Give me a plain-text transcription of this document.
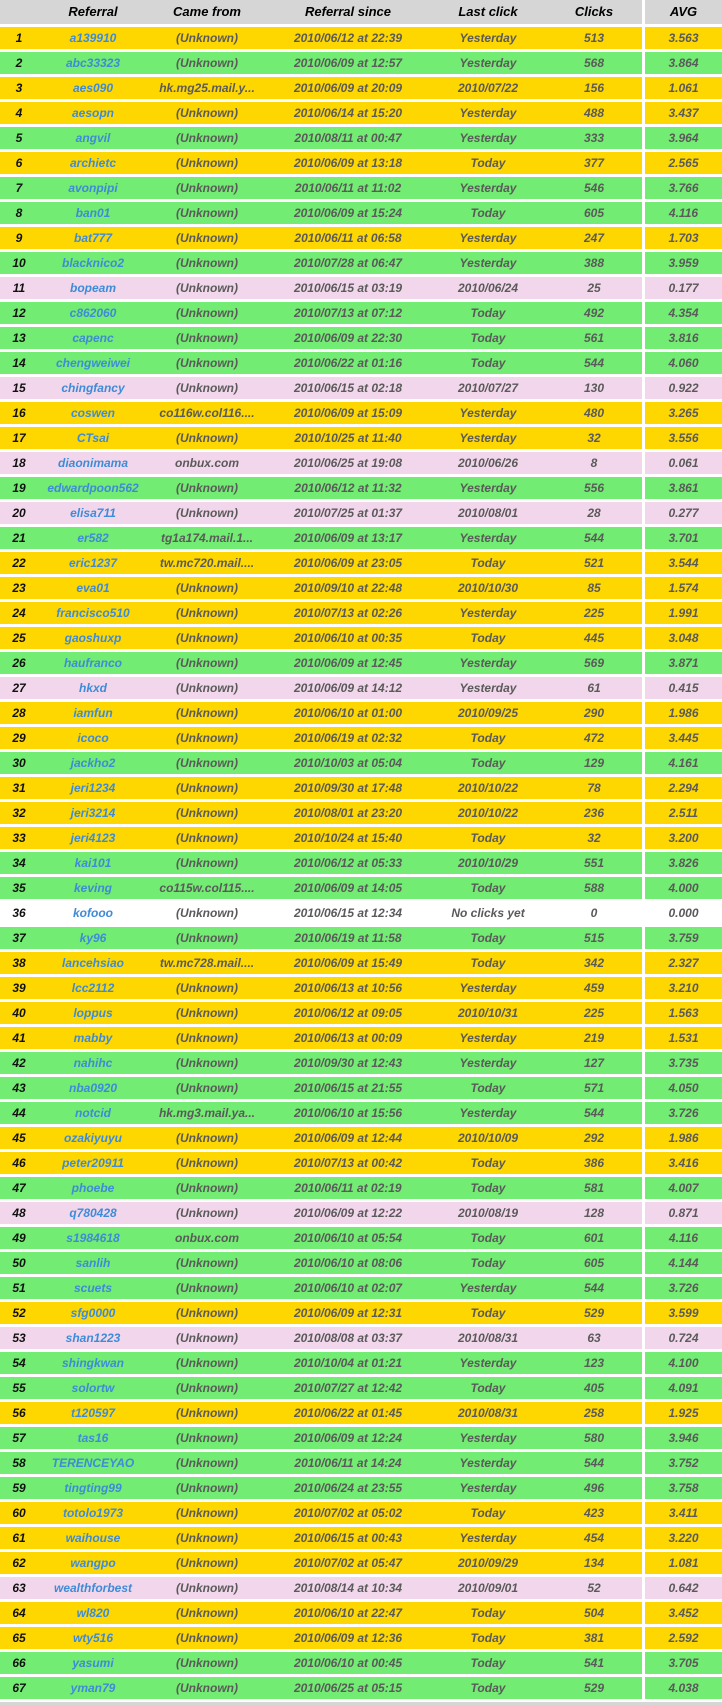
	Referral	Came from	Referral since	Last click	Clicks	AVG
1	a139910	(Unknown)	2010/06/12 at 22:39	Yesterday	513	3.563
2	abc33323	(Unknown)	2010/06/09 at 12:57	Yesterday	568	3.864
3	aes090	hk.mg25.mail.y...	2010/06/09 at 20:09	2010/07/22	156	1.061
4	aesopn	(Unknown)	2010/06/14 at 15:20	Yesterday	488	3.437
5	angvil	(Unknown)	2010/08/11 at 00:47	Yesterday	333	3.964
6	archietc	(Unknown)	2010/06/09 at 13:18	Today	377	2.565
7	avonpipi	(Unknown)	2010/06/11 at 11:02	Yesterday	546	3.766
8	ban01	(Unknown)	2010/06/09 at 15:24	Today	605	4.116
9	bat777	(Unknown)	2010/06/11 at 06:58	Yesterday	247	1.703
10	blacknico2	(Unknown)	2010/07/28 at 06:47	Yesterday	388	3.959
11	bopeam	(Unknown)	2010/06/15 at 03:19	2010/06/24	25	0.177
12	c862060	(Unknown)	2010/07/13 at 07:12	Today	492	4.354
13	capenc	(Unknown)	2010/06/09 at 22:30	Today	561	3.816
14	chengweiwei	(Unknown)	2010/06/22 at 01:16	Today	544	4.060
15	chingfancy	(Unknown)	2010/06/15 at 02:18	2010/07/27	130	0.922
16	coswen	co116w.col116....	2010/06/09 at 15:09	Yesterday	480	3.265
17	CTsai	(Unknown)	2010/10/25 at 11:40	Yesterday	32	3.556
18	diaonimama	onbux.com	2010/06/25 at 19:08	2010/06/26	8	0.061
19	edwardpoon562	(Unknown)	2010/06/12 at 11:32	Yesterday	556	3.861
20	elisa711	(Unknown)	2010/07/25 at 01:37	2010/08/01	28	0.277
21	er582	tg1a174.mail.1...	2010/06/09 at 13:17	Yesterday	544	3.701
22	eric1237	tw.mc720.mail....	2010/06/09 at 23:05	Today	521	3.544
23	eva01	(Unknown)	2010/09/10 at 22:48	2010/10/30	85	1.574
24	francisco510	(Unknown)	2010/07/13 at 02:26	Yesterday	225	1.991
25	gaoshuxp	(Unknown)	2010/06/10 at 00:35	Today	445	3.048
26	haufranco	(Unknown)	2010/06/09 at 12:45	Yesterday	569	3.871
27	hkxd	(Unknown)	2010/06/09 at 14:12	Yesterday	61	0.415
28	iamfun	(Unknown)	2010/06/10 at 01:00	2010/09/25	290	1.986
29	icoco	(Unknown)	2010/06/19 at 02:32	Today	472	3.445
30	jackho2	(Unknown)	2010/10/03 at 05:04	Today	129	4.161
31	jeri1234	(Unknown)	2010/09/30 at 17:48	2010/10/22	78	2.294
32	jeri3214	(Unknown)	2010/08/01 at 23:20	2010/10/22	236	2.511
33	jeri4123	(Unknown)	2010/10/24 at 15:40	Today	32	3.200
34	kai101	(Unknown)	2010/06/12 at 05:33	2010/10/29	551	3.826
35	keving	co115w.col115....	2010/06/09 at 14:05	Today	588	4.000
36	kofooo	(Unknown)	2010/06/15 at 12:34	No clicks yet	0	0.000
37	ky96	(Unknown)	2010/06/19 at 11:58	Today	515	3.759
38	lancehsiao	tw.mc728.mail....	2010/06/09 at 15:49	Today	342	2.327
39	lcc2112	(Unknown)	2010/06/13 at 10:56	Yesterday	459	3.210
40	loppus	(Unknown)	2010/06/12 at 09:05	2010/10/31	225	1.563
41	mabby	(Unknown)	2010/06/13 at 00:09	Yesterday	219	1.531
42	nahihc	(Unknown)	2010/09/30 at 12:43	Yesterday	127	3.735
43	nba0920	(Unknown)	2010/06/15 at 21:55	Today	571	4.050
44	notcid	hk.mg3.mail.ya...	2010/06/10 at 15:56	Yesterday	544	3.726
45	ozakiyuyu	(Unknown)	2010/06/09 at 12:44	2010/10/09	292	1.986
46	peter20911	(Unknown)	2010/07/13 at 00:42	Today	386	3.416
47	phoebe	(Unknown)	2010/06/11 at 02:19	Today	581	4.007
48	q780428	(Unknown)	2010/06/09 at 12:22	2010/08/19	128	0.871
49	s1984618	onbux.com	2010/06/10 at 05:54	Today	601	4.116
50	sanlih	(Unknown)	2010/06/10 at 08:06	Today	605	4.144
51	scuets	(Unknown)	2010/06/10 at 02:07	Yesterday	544	3.726
52	sfg0000	(Unknown)	2010/06/09 at 12:31	Today	529	3.599
53	shan1223	(Unknown)	2010/08/08 at 03:37	2010/08/31	63	0.724
54	shingkwan	(Unknown)	2010/10/04 at 01:21	Yesterday	123	4.100
55	solortw	(Unknown)	2010/07/27 at 12:42	Today	405	4.091
56	t120597	(Unknown)	2010/06/22 at 01:45	2010/08/31	258	1.925
57	tas16	(Unknown)	2010/06/09 at 12:24	Yesterday	580	3.946
58	TERENCEYAO	(Unknown)	2010/06/11 at 14:24	Yesterday	544	3.752
59	tingting99	(Unknown)	2010/06/24 at 23:55	Yesterday	496	3.758
60	totolo1973	(Unknown)	2010/07/02 at 05:02	Today	423	3.411
61	waihouse	(Unknown)	2010/06/15 at 00:43	Yesterday	454	3.220
62	wangpo	(Unknown)	2010/07/02 at 05:47	2010/09/29	134	1.081
63	wealthforbest	(Unknown)	2010/08/14 at 10:34	2010/09/01	52	0.642
64	wl820	(Unknown)	2010/06/10 at 22:47	Today	504	3.452
65	wty516	(Unknown)	2010/06/09 at 12:36	Today	381	2.592
66	yasumi	(Unknown)	2010/06/10 at 00:45	Today	541	3.705
67	yman79	(Unknown)	2010/06/25 at 05:15	Today	529	4.038
